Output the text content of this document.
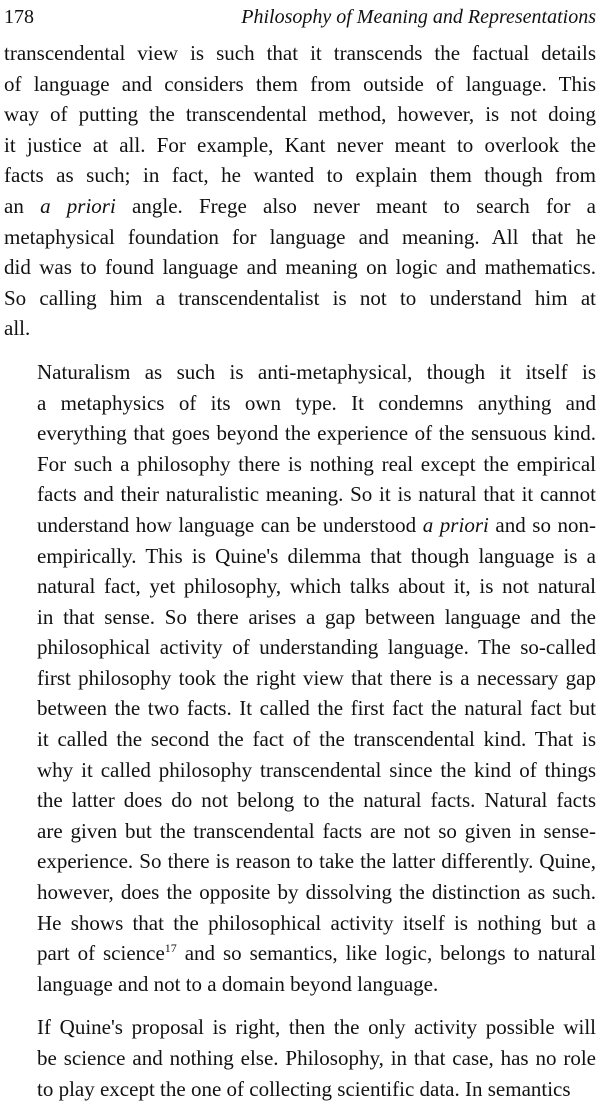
178	Philosophy of Meaning and Representations

transcendental view is such that it transcends the factual details
of language and considers them from outside of language. This
way of putting the transcendental method, however, is not doing
it justice at all. For example, Kant never meant to overlook the
facts as such; in fact, he wanted to explain them though from
an a priori angle. Frege also never meant to search for a
metaphysical foundation for language and meaning. All that he
did was to found language and meaning on logic and mathematics.
So calling him a transcendentalist is not to understand him at
all.

Naturalism as such is anti-metaphysical, though it itself is
a metaphysics of its own type. It condemns anything and
everything that goes beyond the experience of the sensuous kind.
For such a philosophy there is nothing real except the empirical
facts and their naturalistic meaning. So it is natural that it cannot
understand how language can be understood a priori and so non-
empirically. This is Quine's dilemma that though language is a
natural fact, yet philosophy, which talks about it, is not natural
in that sense. So there arises a gap between language and the
philosophical activity of understanding language. The so-called
first philosophy took the right view that there is a necessary gap
between the two facts. It called the first fact the natural fact but
it called the second the fact of the transcendental kind. That is
why it called philosophy transcendental since the kind of things
the latter does do not belong to the natural facts. Natural facts
are given but the transcendental facts are not so given in sense-
experience. So there is reason to take the latter differently. Quine,
however, does the opposite by dissolving the distinction as such.
He shows that the philosophical activity itself is nothing but a
part of science$^{17}$ and so semantics, like logic, belongs to natural
language and not to a domain beyond language.

If Quine's proposal is right, then the only activity possible will
be science and nothing else. Philosophy, in that case, has no role
to play except the one of collecting scientific data. In semantics
